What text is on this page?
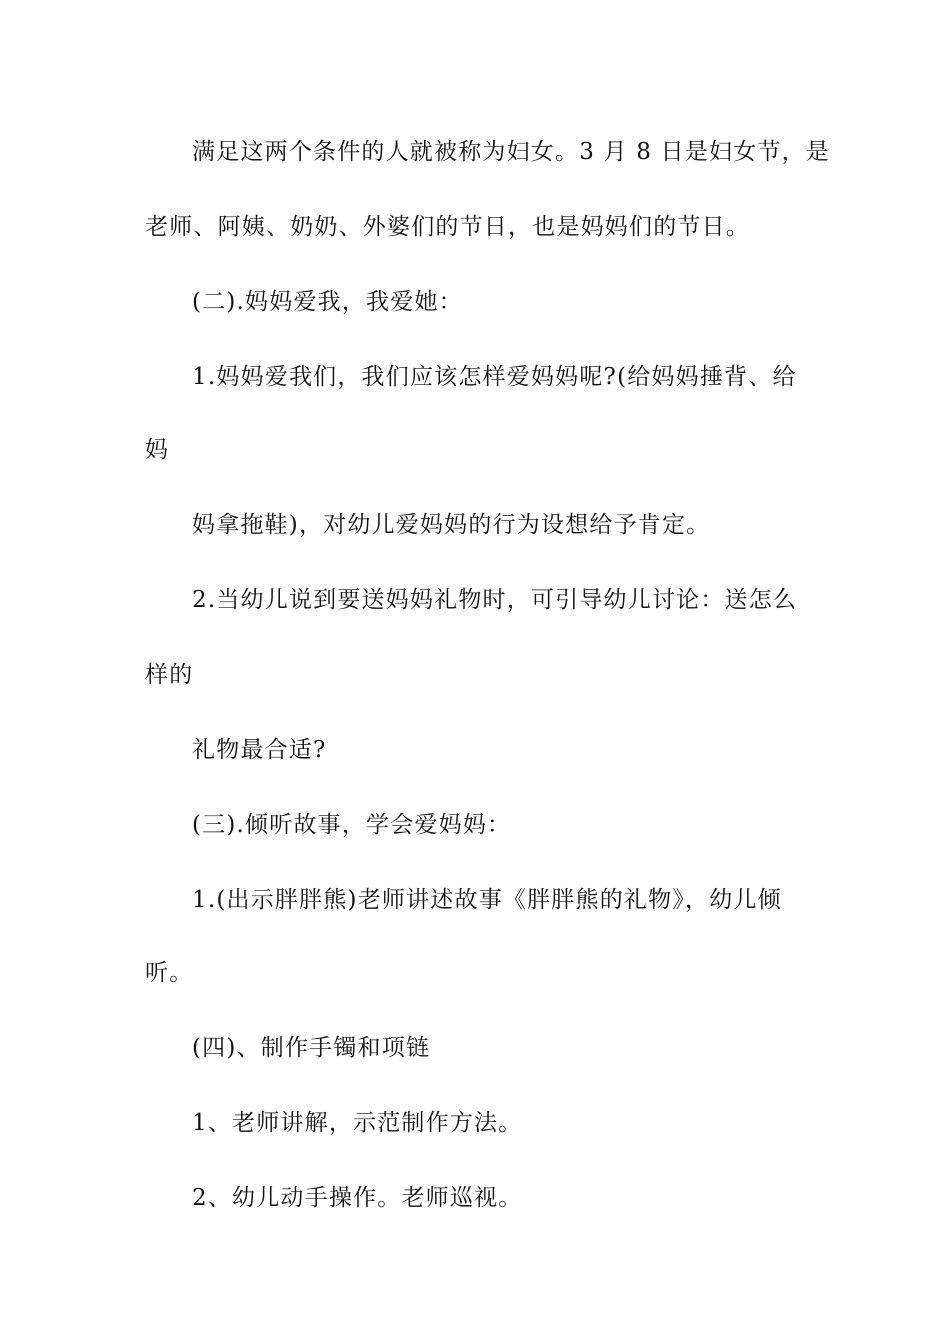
满足这两个条件的人就被称为妇女。3 月 8 日是妇女节，是
老师、阿姨、奶奶、外婆们的节日，也是妈妈们的节日。
(二).妈妈爱我，我爱她：
1.妈妈爱我们，我们应该怎样爱妈妈呢?(给妈妈捶背、给
妈
妈拿拖鞋)，对幼儿爱妈妈的行为设想给予肯定。
2.当幼儿说到要送妈妈礼物时，可引导幼儿讨论：送怎么
样的
礼物最合适?
(三).倾听故事，学会爱妈妈：
1.(出示胖胖熊)老师讲述故事《胖胖熊的礼物》，幼儿倾
听。
(四)、制作手镯和项链
1、老师讲解，示范制作方法。
2、幼儿动手操作。老师巡视。
